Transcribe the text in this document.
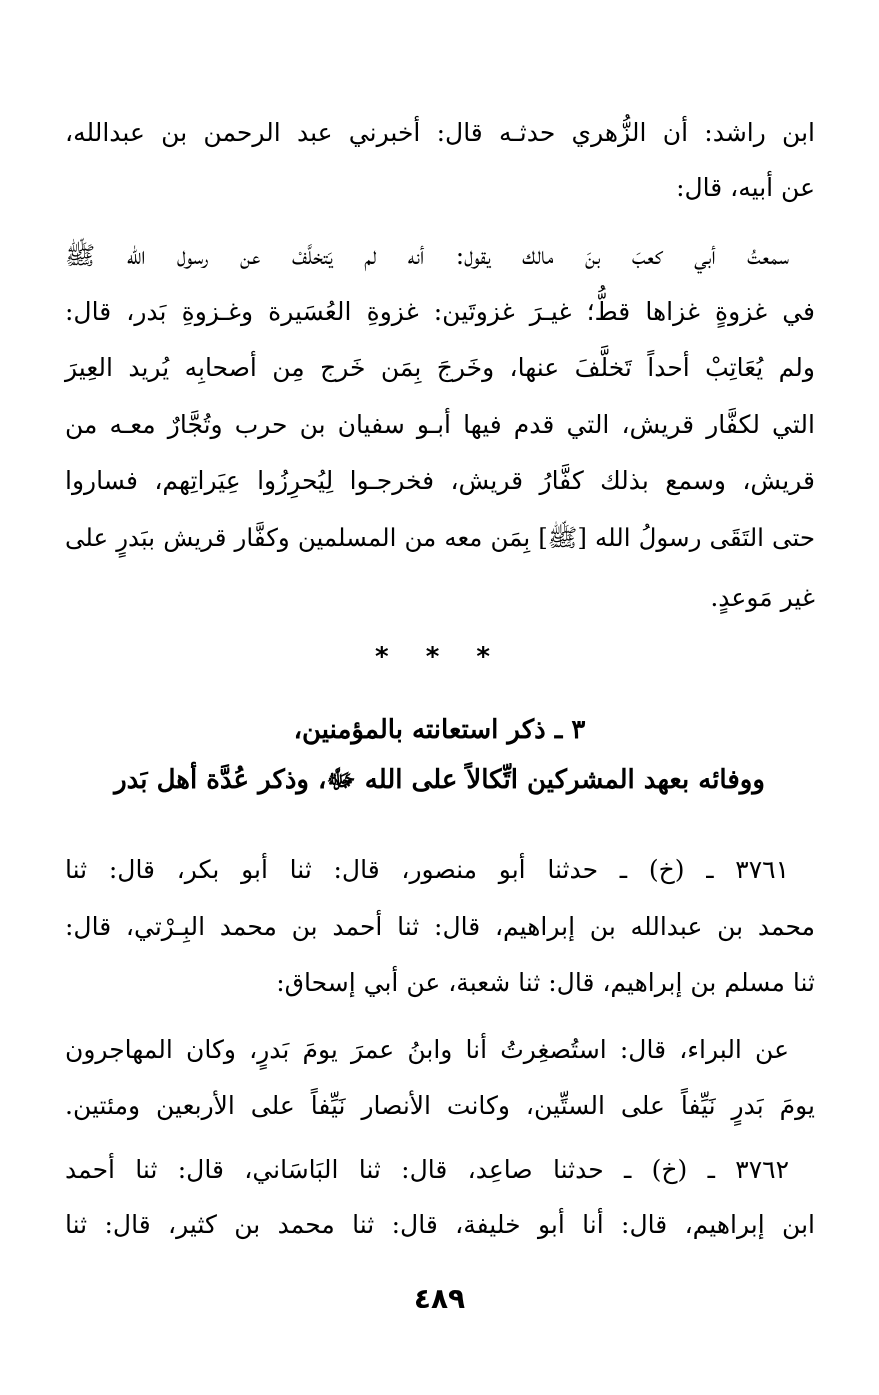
ابن راشد: أن الزُّهري حدثـه قال: أخبرني عبد الرحمن بن عبدالله،
عن أبيه، قال:
سمعتُ أبي كعبَ بنَ مالك يقول: أنه لم يَتخلَّفْ عن رسول الله ﷺ
في غزوةٍ غزاها قطُّ؛ غيـرَ غزوتَين: غزوةِ العُسَيرة وغـزوةِ بَدر، قال:
ولم يُعَاتِبْ أحداً تَخلَّفَ عنها، وخَرجَ بِمَن خَرج مِن أصحابِه يُريد العِيرَ
التي لكفَّار قريش، التي قدم فيها أبـو سفيان بن حرب وتُجَّارٌ معـه من
قريش، وسمع بذلك كفَّارُ قريش، فخرجـوا لِيُحرِزُوا عِيَراتِهم، فساروا
حتى التَقَى رسولُ الله [ﷺ] بِمَن معه من المسلمين وكفَّار قريش ببَدرٍ على
غير مَوعدٍ.
* * *
٣ ـ ذكر استعانته بالمؤمنين،
ووفائه بعهد المشركين اتِّكالاً على الله ﷻ، وذكر عُدَّة أهل بَدر
٣٧٦١ ـ (خ) ـ حدثنا أبو منصور، قال: ثنا أبو بكر، قال: ثنا
محمد بن عبدالله بن إبراهيم، قال: ثنا أحمد بن محمد البِـرْتي، قال:
ثنا مسلم بن إبراهيم، قال: ثنا شعبة، عن أبي إسحاق:
عن البراء، قال: استُصغِرتُ أنا وابنُ عمرَ يومَ بَدرٍ، وكان المهاجرون
يومَ بَدرٍ نَيِّفاً على الستِّين، وكانت الأنصار نَيِّفاً على الأربعين ومئتين.
٣٧٦٢ ـ (خ) ـ حدثنا صاعِد، قال: ثنا البَاسَاني، قال: ثنا أحمد
ابن إبراهيم، قال: أنا أبو خليفة، قال: ثنا محمد بن كثير، قال: ثنا
٤٨٩
